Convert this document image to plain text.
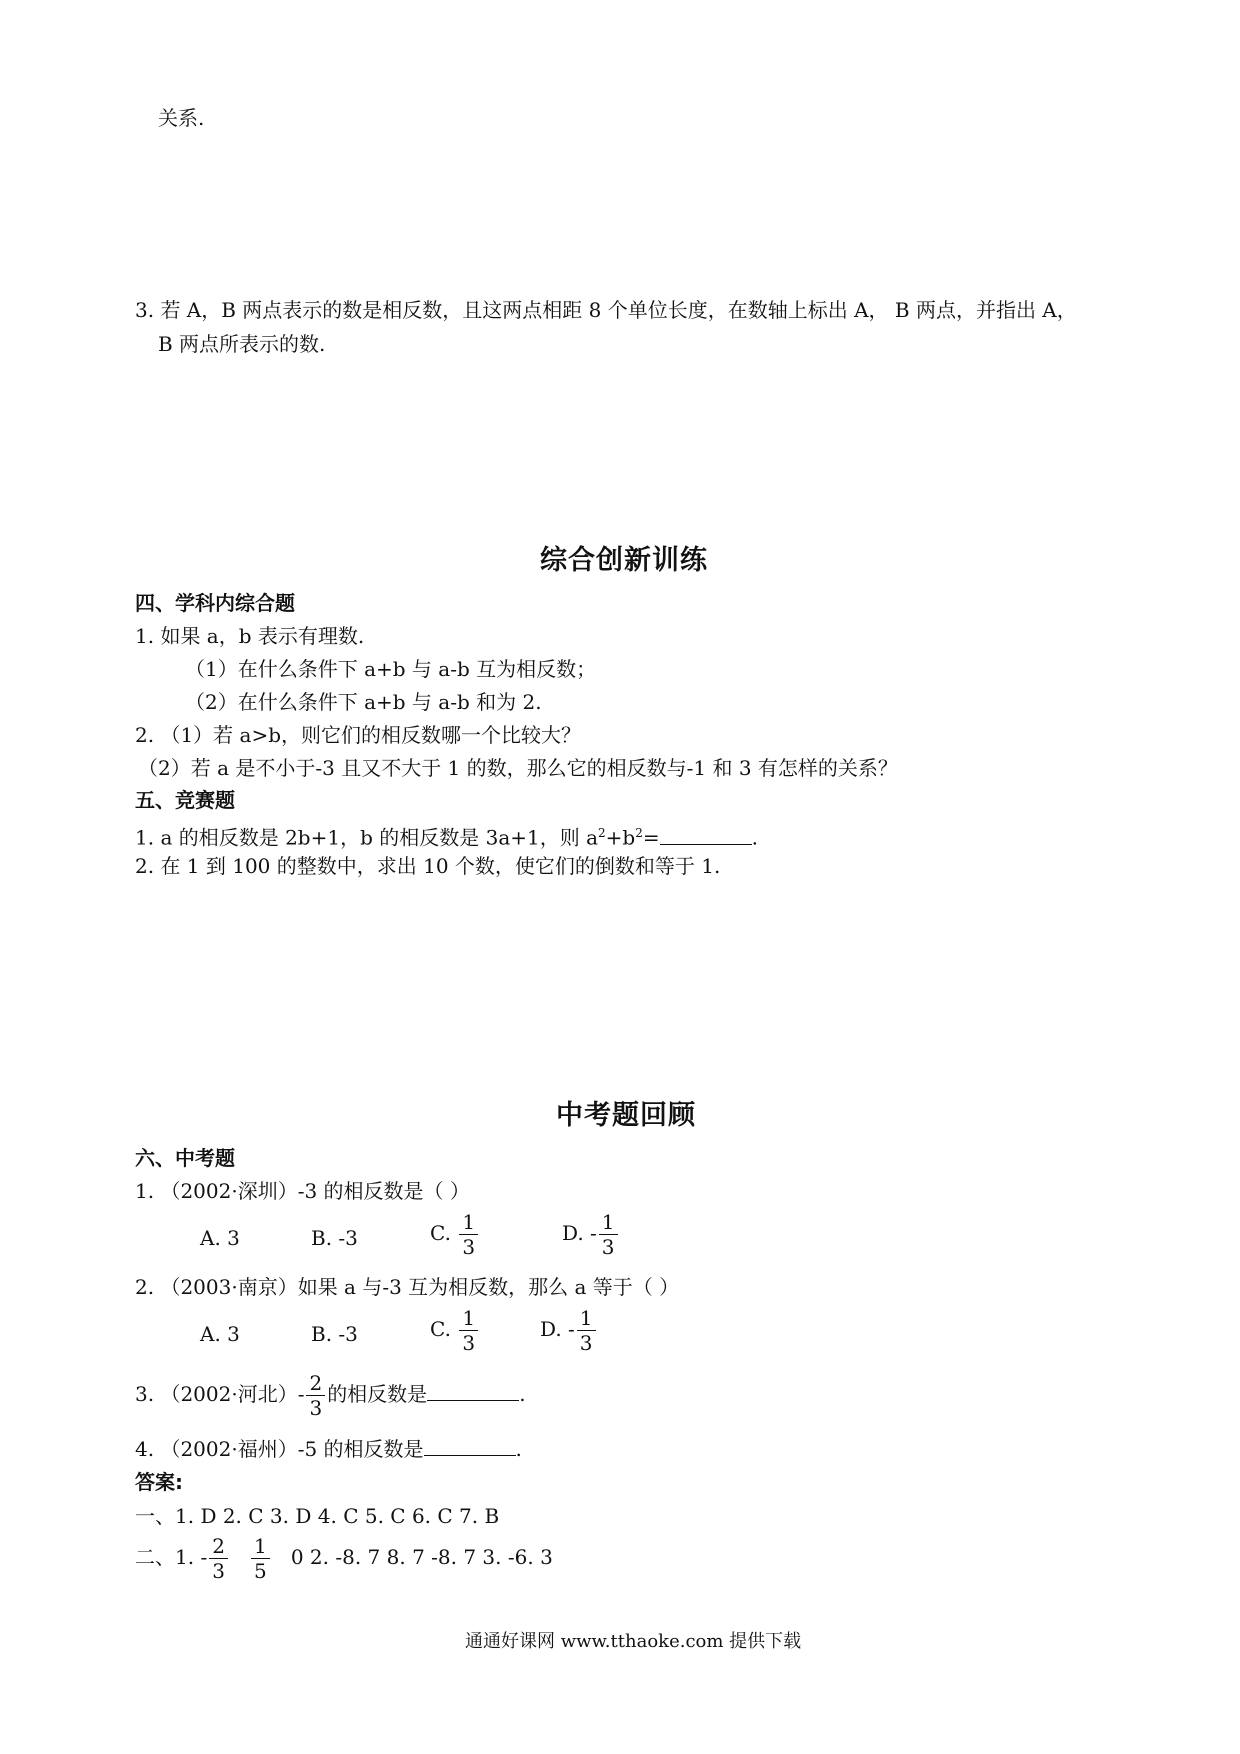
关系.
3. 若 A，B 两点表示的数是相反数，且这两点相距 8 个单位长度，在数轴上标出 A， B 两点，并指出 A，
B 两点所表示的数.
综合创新训练
四、学科内综合题
1. 如果 a，b 表示有理数.
（1）在什么条件下 a+b 与 a-b 互为相反数；
（2）在什么条件下 a+b 与 a-b 和为 2.
2. （1）若 a>b，则它们的相反数哪一个比较大？
（2）若 a 是不小于-3 且又不大于 1 的数，那么它的相反数与-1 和 3 有怎样的关系？
五、竞赛题
1. a 的相反数是 2b+1，b 的相反数是 3a+1，则 $a^2+b^2=$	.
2. 在 1 到 100 的整数中，求出 10 个数，使它们的倒数和等于 1.
中考题回顾
六、中考题
1. （2002·深圳）-3 的相反数是（ ）
A. 3	B. -3	C. $\frac{1}{3}$	D. - $\frac{1}{3}$
2. （2003·南京）如果 a 与-3 互为相反数，那么 a 等于（ ）
A. 3	B. -3	C. $\frac{1}{3}$	D. - $\frac{1}{3}$
3. （2002·河北）- $\frac{2}{3}$ 的相反数是	.
4. （2002·福州）-5 的相反数是	.
答案:
一、1. D 2. C 3. D 4. C 5. C 6. C 7. B
二、1. - $\frac{2}{3}$
$\frac{1}{5} 0$ 2. -8. 7 8. 7 -8. 7 3. -6. 3
通通好课网 www.tthaoke.com 提供下载
